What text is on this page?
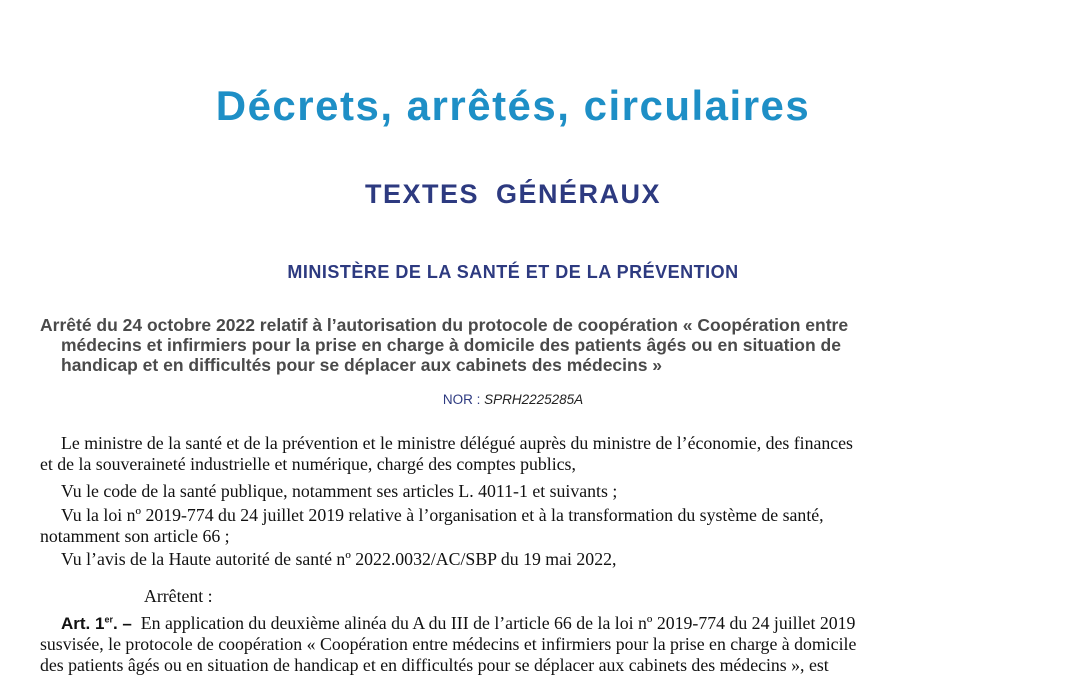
Décrets, arrêtés, circulaires
TEXTES GÉNÉRAUX
MINISTÈRE DE LA SANTÉ ET DE LA PRÉVENTION
Arrêté du 24 octobre 2022 relatif à l’autorisation du protocole de coopération « Coopération entre
médecins et infirmiers pour la prise en charge à domicile des patients âgés ou en situation de
handicap et en difficultés pour se déplacer aux cabinets des médecins »
NOR : SPRH2225285A
Le ministre de la santé et de la prévention et le ministre délégué auprès du ministre de l’économie, des finances
et de la souveraineté industrielle et numérique, chargé des comptes publics,
Vu le code de la santé publique, notamment ses articles L. 4011-1 et suivants ;
Vu la loi nº 2019-774 du 24 juillet 2019 relative à l’organisation et à la transformation du système de santé,
notamment son article 66 ;
Vu l’avis de la Haute autorité de santé nº 2022.0032/AC/SBP du 19 mai 2022,
Arrêtent :
Art. 1er. – En application du deuxième alinéa du A du III de l’article 66 de la loi nº 2019-774 du 24 juillet 2019
susvisée, le protocole de coopération « Coopération entre médecins et infirmiers pour la prise en charge à domicile
des patients âgés ou en situation de handicap et en difficultés pour se déplacer aux cabinets des médecins », est
